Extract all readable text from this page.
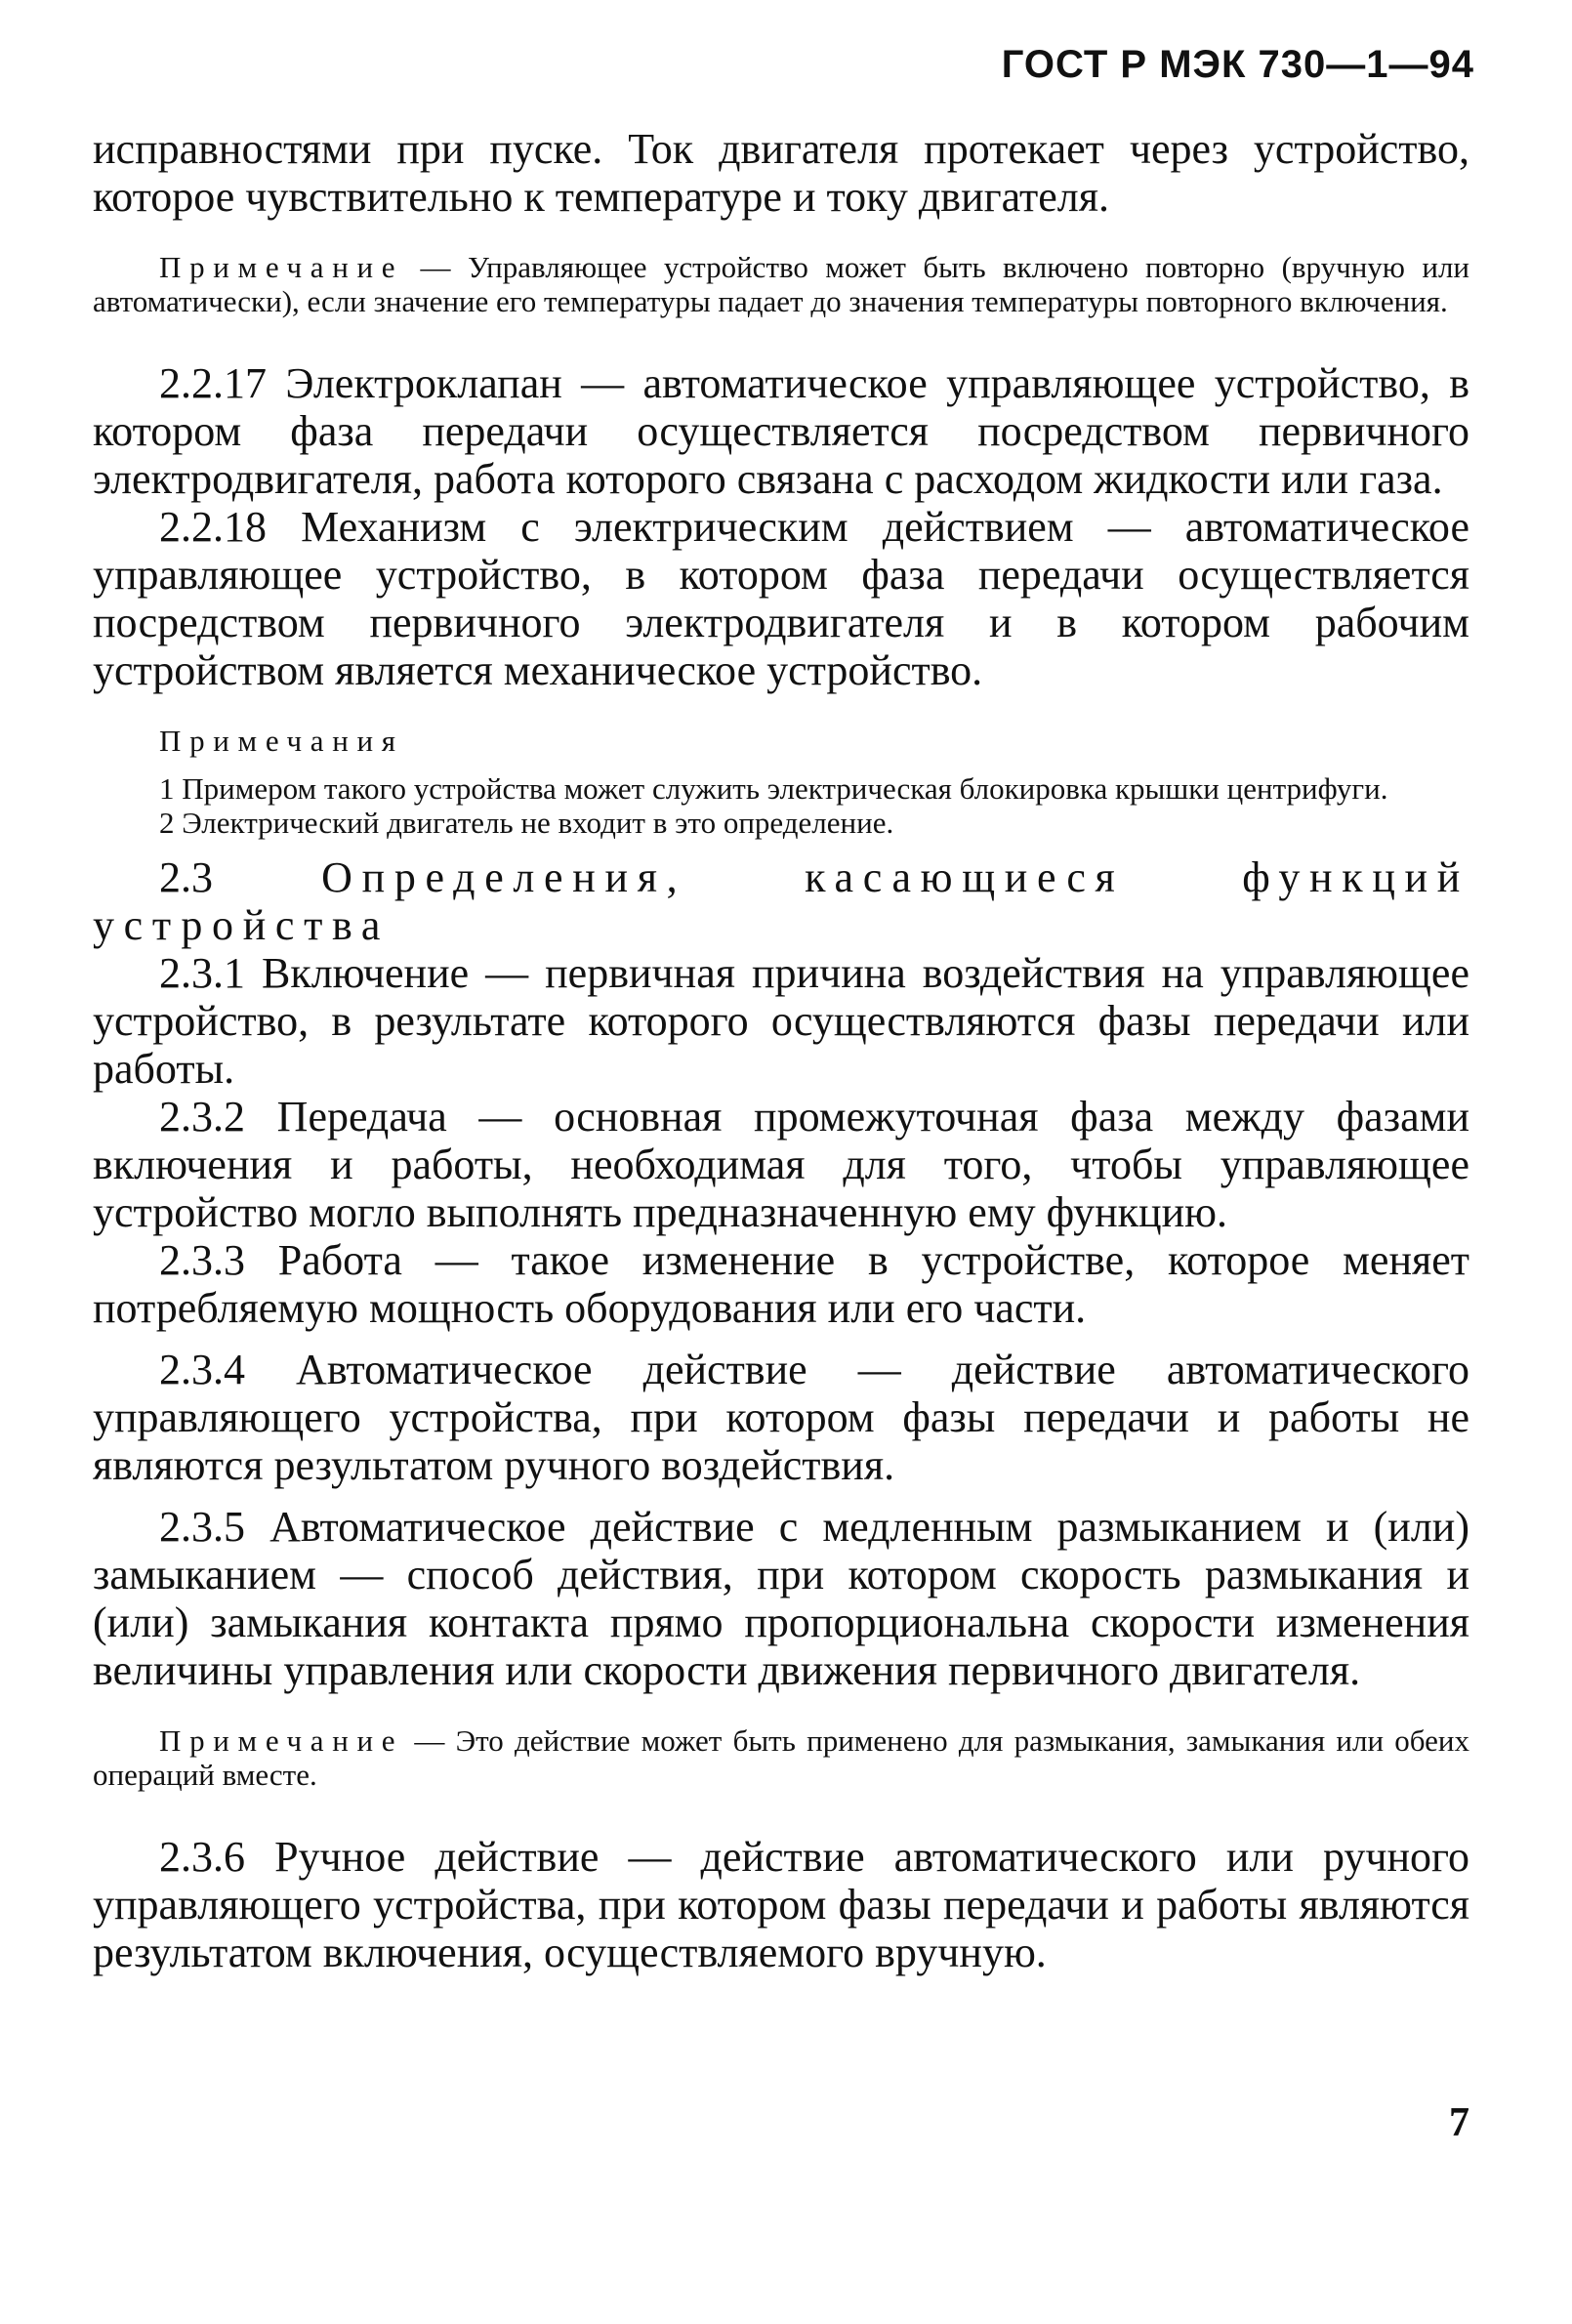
ГОСТ Р МЭК 730—1—94

исправностями при пуске. Ток двигателя протекает через устройство, которое чувствительно к температуре и току двигателя.

Примечание — Управляющее устройство может быть включено повторно (вручную или автоматически), если значение его температуры падает до значения температуры повторного включения.

2.2.17 Электроклапан — автоматическое управляющее устройство, в котором фаза передачи осуществляется посредством первичного электродвигателя, работа которого связана с расходом жидкости или газа.

2.2.18 Механизм с электрическим действием — автоматическое управляющее устройство, в котором фаза передачи осуществляется посредством первичного электродвигателя и в котором рабочим устройством является механическое устройство.

Примечания

1 Примером такого устройства может служить электрическая блокировка крышки центрифуги.

2 Электрический двигатель не входит в это определение.

2.3	Определения, касающиеся функций устройства

2.3.1 Включение — первичная причина воздействия на управляющее устройство, в результате которого осуществляются фазы передачи или работы.

2.3.2 Передача — основная промежуточная фаза между фазами включения и работы, необходимая для того, чтобы управляющее устройство могло выполнять предназначенную ему функцию.

2.3.3 Работа — такое изменение в устройстве, которое меняет потребляемую мощность оборудования или его части.

2.3.4 Автоматическое действие — действие автоматического управляющего устройства, при котором фазы передачи и работы не являются результатом ручного воздействия.

2.3.5 Автоматическое действие с медленным размыканием и (или) замыканием — способ действия, при котором скорость размыкания и (или) замыкания контакта прямо пропорциональна скорости изменения величины управления или скорости движения первичного двигателя.

Примечание — Это действие может быть применено для размыкания, замыкания или обеих операций вместе.

2.3.6 Ручное действие — действие автоматического или ручного управляющего устройства, при котором фазы передачи и работы являются результатом включения, осуществляемого вручную.

7
